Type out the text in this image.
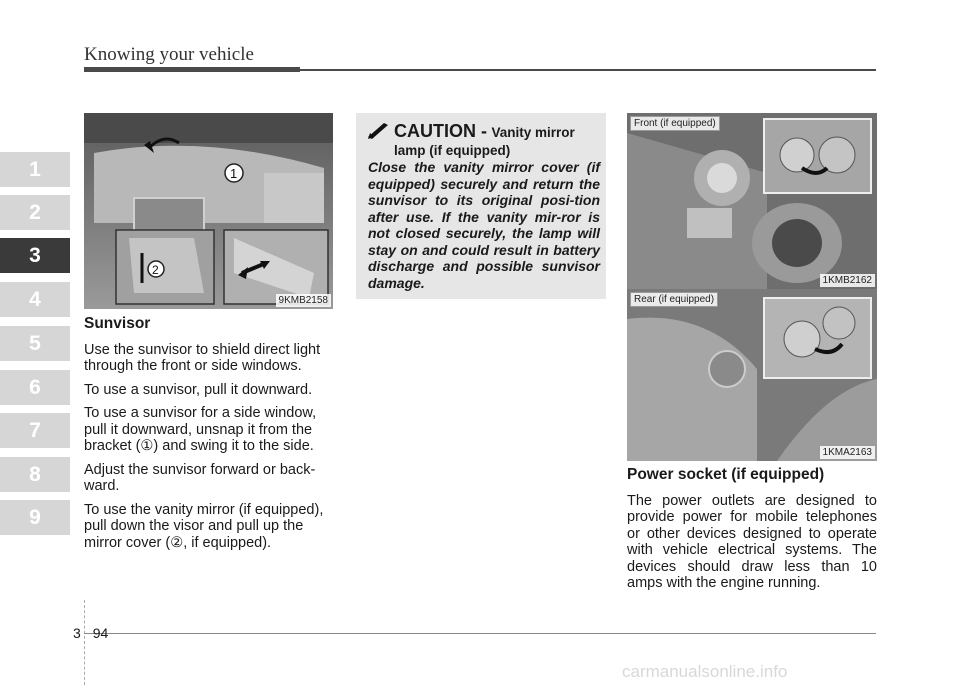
Knowing your vehicle
1
2
3
4
5
6
7
8
9
1
2
9KMB2158
Front (if equipped)
1KMB2162
Rear (if equipped)
1KMA2163
Sunvisor

Use the sunvisor to shield direct light through the front or side windows.

To use a sunvisor, pull it downward.

To use a sunvisor for a side window, pull it downward, unsnap it from the bracket (①) and swing it to the side.

Adjust the sunvisor forward or back-ward.

To use the vanity mirror (if equipped), pull down the visor and pull up the mirror cover (②, if equipped).

CAUTION - Vanity mirror
lamp (if equipped)
Close the vanity mirror cover (if equipped) securely and return the sunvisor to its original posi-tion after use. If the vanity mir-ror is not closed securely, the lamp will stay on and could result in battery discharge and possible sunvisor damage.
Power socket (if equipped)

The power outlets are designed to provide power for mobile telephones or other devices designed to operate with vehicle electrical systems. The devices should draw less than 10 amps with the engine running.

3 94
carmanualsonline.info
